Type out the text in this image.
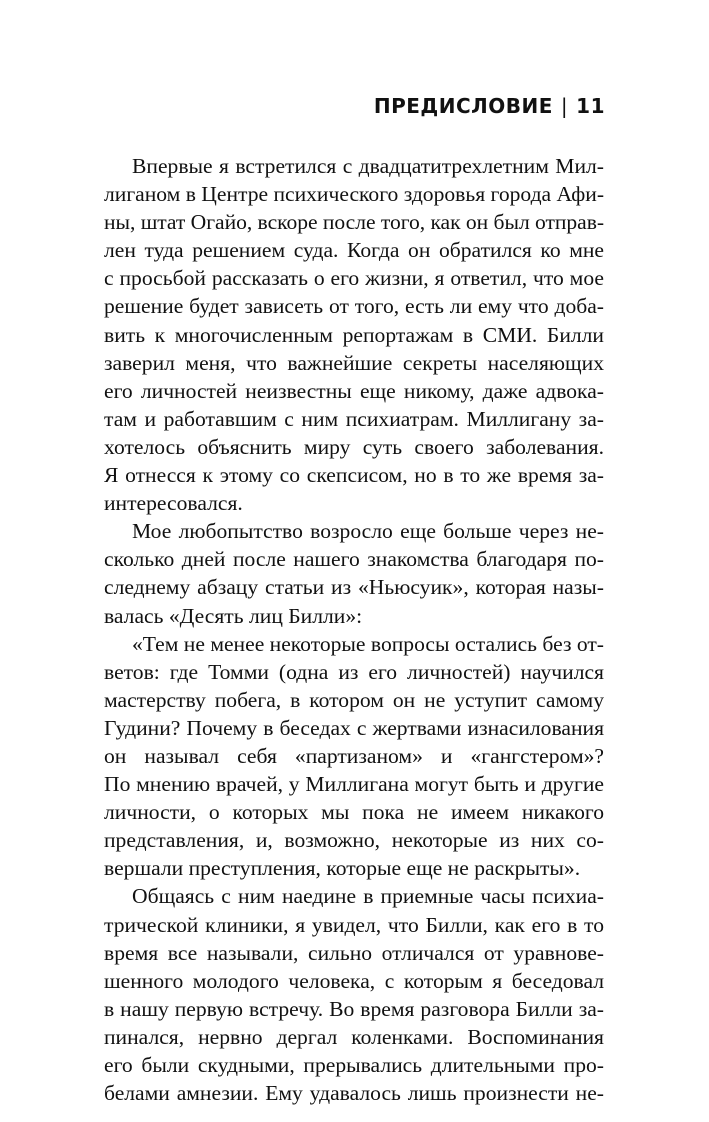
ПРЕДИСЛОВИЕ | 11
Впервые я встретился с двадцатитрехлетним Мил-
лиганом в Центре психического здоровья города Афи-
ны, штат Огайо, вскоре после того, как он был отправ-
лен туда решением суда. Когда он обратился ко мне
с просьбой рассказать о его жизни, я ответил, что мое
решение будет зависеть от того, есть ли ему что доба-
вить к многочисленным репортажам в СМИ. Билли
заверил меня, что важнейшие секреты населяющих
его личностей неизвестны еще никому, даже адвока-
там и работавшим с ним психиатрам. Миллигану за-
хотелось объяснить миру суть своего заболевания.
Я отнесся к этому со скепсисом, но в то же время за-
интересовался.
Мое любопытство возросло еще больше через не-
сколько дней после нашего знакомства благодаря по-
следнему абзацу статьи из «Ньюсуик», которая назы-
валась «Десять лиц Билли»:
«Тем не менее некоторые вопросы остались без от-
ветов: где Томми (одна из его личностей) научился
мастерству побега, в котором он не уступит самому
Гудини? Почему в беседах с жертвами изнасилования
он называл себя «партизаном» и «гангстером»?
По мнению врачей, у Миллигана могут быть и другие
личности, о которых мы пока не имеем никакого
представления, и, возможно, некоторые из них со-
вершали преступления, которые еще не раскрыты».
Общаясь с ним наедине в приемные часы психиа-
трической клиники, я увидел, что Билли, как его в то
время все называли, сильно отличался от уравнове-
шенного молодого человека, с которым я беседовал
в нашу первую встречу. Во время разговора Билли за-
пинался, нервно дергал коленками. Воспоминания
его были скудными, прерывались длительными про-
белами амнезии. Ему удавалось лишь произнести не-
